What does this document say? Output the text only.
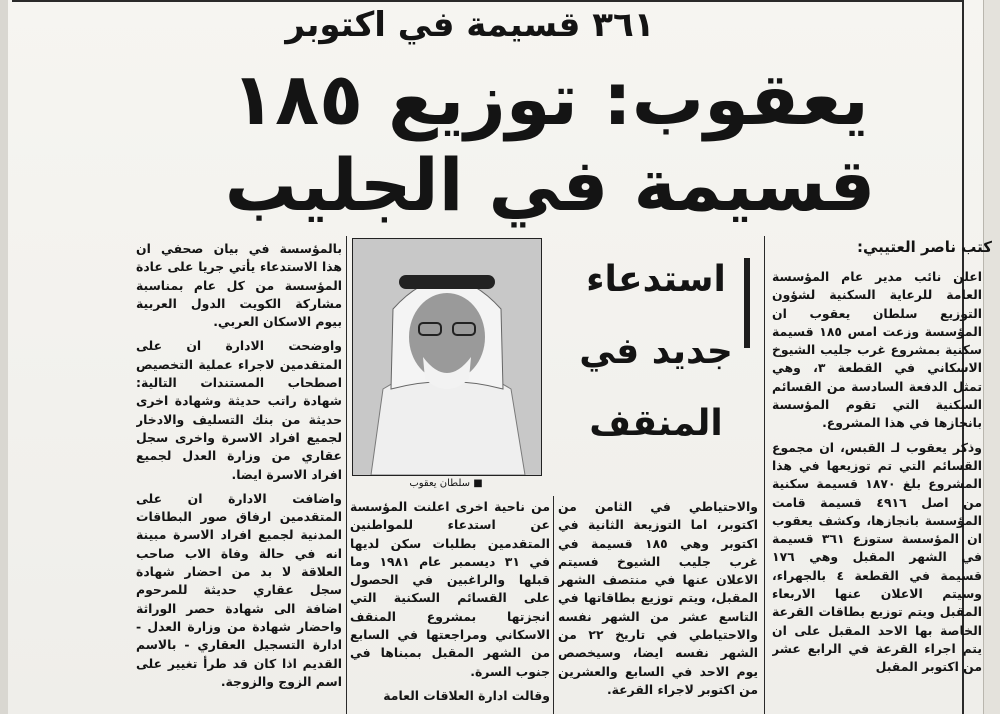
٣٦١ قسيمة في اكتوبر
يعقوب: توزيع ١٨٥
قسيمة في الجليب
كتب ناصر العتيبي:

اعلن نائب مدير عام المؤسسة العامة للرعاية السكنية لشؤون التوزيع سلطان يعقوب ان المؤسسة وزعت امس ١٨٥ قسيمة سكنية بمشروع غرب جليب الشيوخ الاسكاني في القطعة ٣، وهي تمثل الدفعة السادسة من القسائم السكنية التي تقوم المؤسسة بانجازها في هذا المشروع.

وذكر يعقوب لـ القبس، ان مجموع القسائم التي تم توزيعها في هذا المشروع بلغ ١٨٧٠ قسيمة سكنية من اصل ٤٩١٦ قسيمة قامت المؤسسة بانجازها، وكشف يعقوب ان المؤسسة ستوزع ٣٦١ قسيمة في الشهر المقبل وهي ١٧٦ قسيمة في القطعة ٤ بالجهراء، وسيتم الاعلان عنها الاربعاء المقبل ويتم توزيع بطاقات القرعة الخاصة بها الاحد المقبل على ان يتم اجراء القرعة في الرابع عشر من اكتوبر المقبل

استدعاء
جديد في
المنقف
■ سلطان يعقوب

والاحتياطي في الثامن من اكتوبر، اما التوزيعة الثانية في اكتوبر وهي ١٨٥ قسيمة في غرب جليب الشيوخ فسيتم الاعلان عنها في منتصف الشهر المقبل، ويتم توزيع بطاقاتها في التاسع عشر من الشهر نفسه والاحتياطي في تاريخ ٢٢ من الشهر نفسه ايضا، وسيخصص يوم الاحد في السابع والعشرين من اكتوبر لاجراء القرعة.

من ناحية اخرى اعلنت المؤسسة عن استدعاء للمواطنين المتقدمين بطلبات سكن لديها في ٣١ ديسمبر عام ١٩٨١ وما قبلها والراغبين في الحصول على القسائم السكنية التي انجزتها بمشروع المنقف الاسكاني ومراجعتها في السابع من الشهر المقبل بمبناها في جنوب السرة.

وقالت ادارة العلاقات العامة

بالمؤسسة في بيان صحفي ان هذا الاستدعاء يأتي جريا على عادة المؤسسة من كل عام بمناسبة مشاركة الكويت الدول العربية بيوم الاسكان العربي.

واوضحت الادارة ان على المتقدمين لاجراء عملية التخصيص اصطحاب المستندات التالية: شهادة راتب حديثة وشهادة اخرى حديثة من بنك التسليف والادخار لجميع افراد الاسرة واخرى سجل عقاري من وزارة العدل لجميع افراد الاسرة ايضا.

واضافت الادارة ان على المتقدمين ارفاق صور البطاقات المدنية لجميع افراد الاسرة مبينة انه في حالة وفاة الاب صاحب العلاقة لا بد من احضار شهادة سجل عقاري حديثة للمرحوم اضافة الى شهادة حصر الوراثة واحضار شهادة من وزارة العدل - ادارة التسجيل العقاري - بالاسم القديم اذا كان قد طرأ تغيير على اسم الزوج والزوجة.
